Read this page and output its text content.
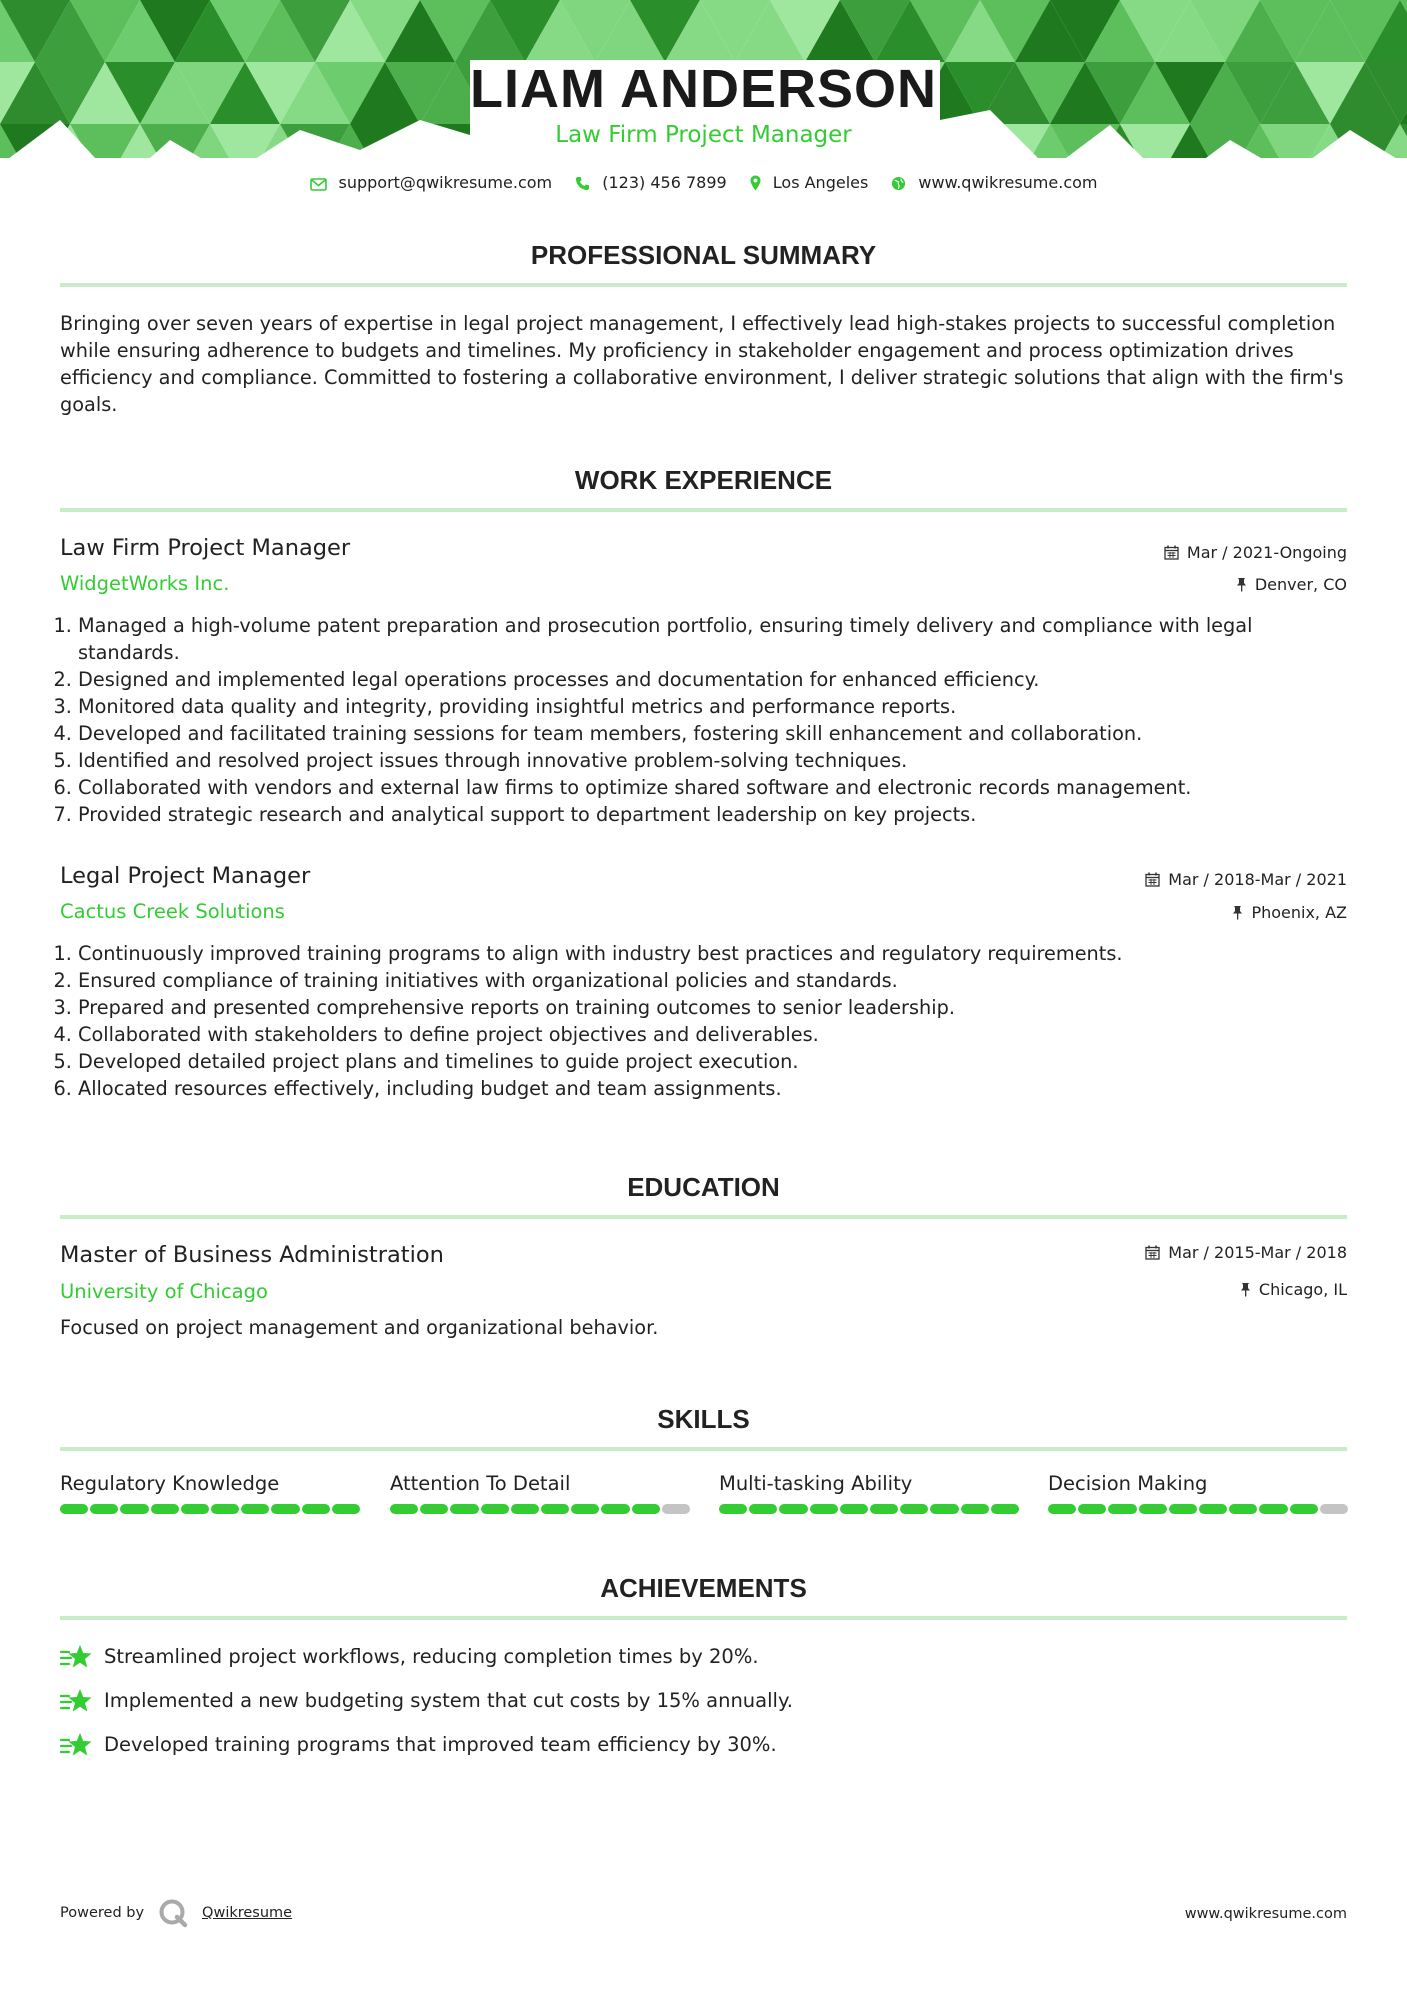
LIAM ANDERSON
Law Firm Project Manager
support@qwikresume.com	(123) 456 7899	Los Angeles	www.qwikresume.com
PROFESSIONAL SUMMARY
Bringing over seven years of expertise in legal project management, I effectively lead high-stakes projects to successful completion while ensuring adherence to budgets and timelines. My proficiency in stakeholder engagement and process optimization drives efficiency and compliance. Committed to fostering a collaborative environment, I deliver strategic solutions that align with the firm's goals.
WORK EXPERIENCE
Law Firm Project Manager
WidgetWorks Inc.
Mar / 2021-Ongoing
Denver, CO
1. Managed a high-volume patent preparation and prosecution portfolio, ensuring timely delivery and compliance with legal standards.
2. Designed and implemented legal operations processes and documentation for enhanced efficiency.
3. Monitored data quality and integrity, providing insightful metrics and performance reports.
4. Developed and facilitated training sessions for team members, fostering skill enhancement and collaboration.
5. Identified and resolved project issues through innovative problem-solving techniques.
6. Collaborated with vendors and external law firms to optimize shared software and electronic records management.
7. Provided strategic research and analytical support to department leadership on key projects.
Legal Project Manager
Cactus Creek Solutions
Mar / 2018-Mar / 2021
Phoenix, AZ
1. Continuously improved training programs to align with industry best practices and regulatory requirements.
2. Ensured compliance of training initiatives with organizational policies and standards.
3. Prepared and presented comprehensive reports on training outcomes to senior leadership.
4. Collaborated with stakeholders to define project objectives and deliverables.
5. Developed detailed project plans and timelines to guide project execution.
6. Allocated resources effectively, including budget and team assignments.
EDUCATION
Master of Business Administration
University of Chicago
Mar / 2015-Mar / 2018
Chicago, IL
Focused on project management and organizational behavior.
SKILLS
Regulatory Knowledge	Attention To Detail	Multi-tasking Ability	Decision Making
ACHIEVEMENTS
Streamlined project workflows, reducing completion times by 20%.
Implemented a new budgeting system that cut costs by 15% annually.
Developed training programs that improved team efficiency by 30%.
Powered by	Qwikresume	www.qwikresume.com
